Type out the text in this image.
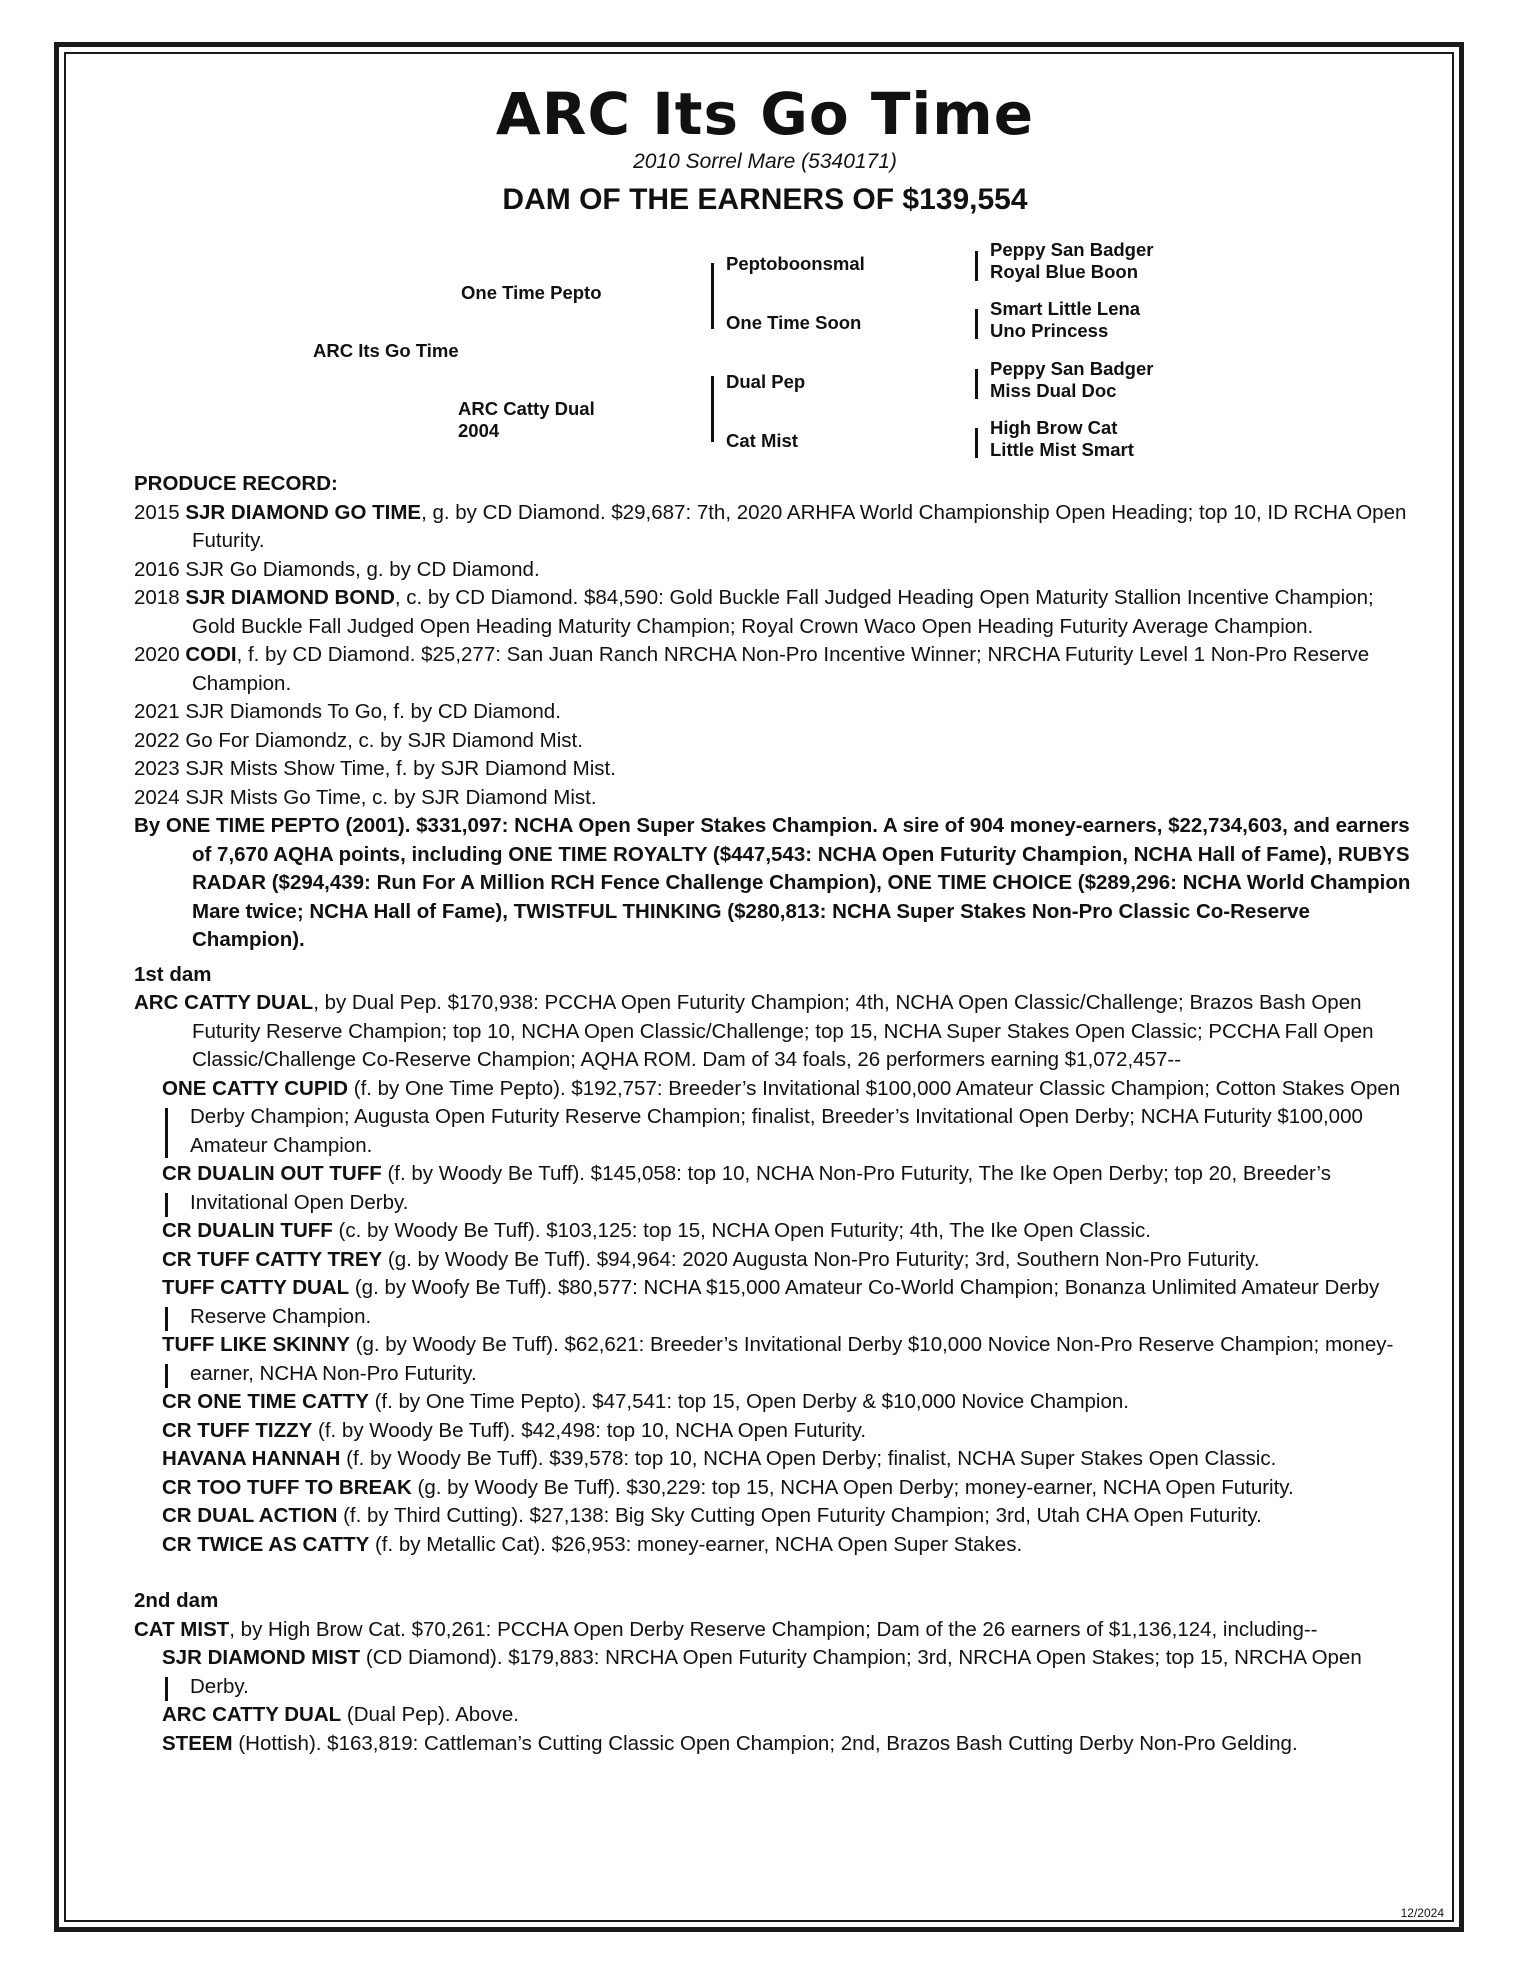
ARC Its Go Time
2010 Sorrel Mare (5340171)
DAM OF THE EARNERS OF $139,554
ARC Its Go Time
One Time Pepto
ARC Catty Dual
2004
Peptoboonsmal
One Time Soon
Dual Pep
Cat Mist
Peppy San Badger
Royal Blue Boon
Smart Little Lena
Uno Princess
Peppy San Badger
Miss Dual Doc
High Brow Cat
Little Mist Smart

PRODUCE RECORD:

2015 SJR DIAMOND GO TIME, g. by CD Diamond. $29,687: 7th, 2020 ARHFA World Championship Open Heading; top 10, ID RCHA Open Futurity.

2016 SJR Go Diamonds, g. by CD Diamond.

2018 SJR DIAMOND BOND, c. by CD Diamond. $84,590: Gold Buckle Fall Judged Heading Open Maturity Stallion Incentive Champion; Gold Buckle Fall Judged Open Heading Maturity Champion; Royal Crown Waco Open Heading Futurity Average Champion.

2020 CODI, f. by CD Diamond. $25,277: San Juan Ranch NRCHA Non-Pro Incentive Winner; NRCHA Futurity Level 1 Non-Pro Reserve Champion.

2021 SJR Diamonds To Go, f. by CD Diamond.

2022 Go For Diamondz, c. by SJR Diamond Mist.

2023 SJR Mists Show Time, f. by SJR Diamond Mist.

2024 SJR Mists Go Time, c. by SJR Diamond Mist.

By ONE TIME PEPTO (2001). $331,097: NCHA Open Super Stakes Champion. A sire of 904 money-earners, $22,734,603, and earners of 7,670 AQHA points, including ONE TIME ROYALTY ($447,543: NCHA Open Futurity Champion, NCHA Hall of Fame), RUBYS RADAR ($294,439: Run For A Million RCH Fence Challenge Champion), ONE TIME CHOICE ($289,296: NCHA World Champion Mare twice; NCHA Hall of Fame), TWISTFUL THINKING ($280,813: NCHA Super Stakes Non-Pro Classic Co-Reserve Champion).

1st dam

ARC CATTY DUAL, by Dual Pep. $170,938: PCCHA Open Futurity Champion; 4th, NCHA Open Classic/Challenge; Brazos Bash Open Futurity Reserve Champion; top 10, NCHA Open Classic/Challenge; top 15, NCHA Super Stakes Open Classic; PCCHA Fall Open Classic/Challenge Co-Reserve Champion; AQHA ROM. Dam of 34 foals, 26 performers earning $1,072,457--

ONE CATTY CUPID (f. by One Time Pepto). $192,757: Breeder’s Invitational $100,000 Amateur Classic Champion; Cotton Stakes Open Derby Champion; Augusta Open Futurity Reserve Champion; finalist, Breeder’s Invitational Open Derby; NCHA Futurity $100,000 Amateur Champion.

CR DUALIN OUT TUFF (f. by Woody Be Tuff). $145,058: top 10, NCHA Non-Pro Futurity, The Ike Open Derby; top 20, Breeder’s Invitational Open Derby.

CR DUALIN TUFF (c. by Woody Be Tuff). $103,125: top 15, NCHA Open Futurity; 4th, The Ike Open Classic.

CR TUFF CATTY TREY (g. by Woody Be Tuff). $94,964: 2020 Augusta Non-Pro Futurity; 3rd, Southern Non-Pro Futurity.

TUFF CATTY DUAL (g. by Woofy Be Tuff). $80,577: NCHA $15,000 Amateur Co-World Champion; Bonanza Unlimited Amateur Derby Reserve Champion.

TUFF LIKE SKINNY (g. by Woody Be Tuff). $62,621: Breeder’s Invitational Derby $10,000 Novice Non-Pro Reserve Champion; money-earner, NCHA Non-Pro Futurity.

CR ONE TIME CATTY (f. by One Time Pepto). $47,541: top 15, Open Derby & $10,000 Novice Champion.

CR TUFF TIZZY (f. by Woody Be Tuff). $42,498: top 10, NCHA Open Futurity.

HAVANA HANNAH (f. by Woody Be Tuff). $39,578: top 10, NCHA Open Derby; finalist, NCHA Super Stakes Open Classic.

CR TOO TUFF TO BREAK (g. by Woody Be Tuff). $30,229: top 15, NCHA Open Derby; money-earner, NCHA Open Futurity.

CR DUAL ACTION (f. by Third Cutting). $27,138: Big Sky Cutting Open Futurity Champion; 3rd, Utah CHA Open Futurity.

CR TWICE AS CATTY (f. by Metallic Cat). $26,953: money-earner, NCHA Open Super Stakes.

2nd dam

CAT MIST, by High Brow Cat. $70,261: PCCHA Open Derby Reserve Champion; Dam of the 26 earners of $1,136,124, including--

SJR DIAMOND MIST (CD Diamond). $179,883: NRCHA Open Futurity Champion; 3rd, NRCHA Open Stakes; top 15, NRCHA Open Derby.

ARC CATTY DUAL (Dual Pep). Above.

STEEM (Hottish). $163,819: Cattleman’s Cutting Classic Open Champion; 2nd, Brazos Bash Cutting Derby Non-Pro Gelding.

12/2024
